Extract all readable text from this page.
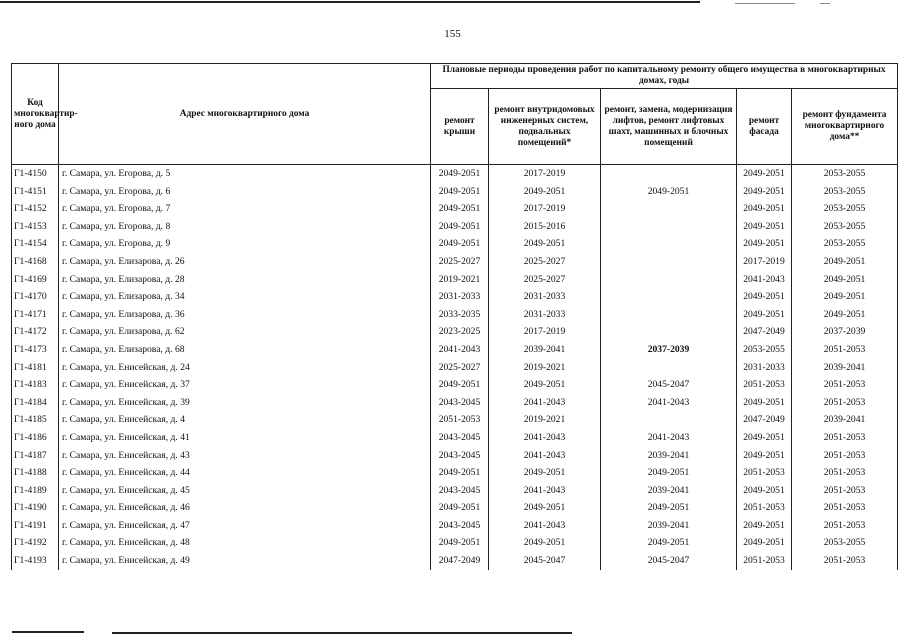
155
Код многоквартир-ного дома	Адрес многоквартирного дома	Плановые периоды проведения работ по капитальному ремонту общего имущества в многоквартирных домах, годы				
		ремонт крыши	ремонт внутридомовых инженерных систем, подвальных помещений*	ремонт, замена, модернизация лифтов, ремонт лифтовых шахт, машинных и блочных помещений	ремонт фасада	ремонт фундамента многоквартирного дома**
Г1-4150	г. Самара, ул. Егорова, д. 5	2049-2051	2017-2019		2049-2051	2053-2055
Г1-4151	г. Самара, ул. Егорова, д. 6	2049-2051	2049-2051	2049-2051	2049-2051	2053-2055
Г1-4152	г. Самара, ул. Егорова, д. 7	2049-2051	2017-2019		2049-2051	2053-2055
Г1-4153	г. Самара, ул. Егорова, д. 8	2049-2051	2015-2016		2049-2051	2053-2055
Г1-4154	г. Самара, ул. Егорова, д. 9	2049-2051	2049-2051		2049-2051	2053-2055
Г1-4168	г. Самара, ул. Елизарова, д. 26	2025-2027	2025-2027		2017-2019	2049-2051
Г1-4169	г. Самара, ул. Елизарова, д. 28	2019-2021	2025-2027		2041-2043	2049-2051
Г1-4170	г. Самара, ул. Елизарова, д. 34	2031-2033	2031-2033		2049-2051	2049-2051
Г1-4171	г. Самара, ул. Елизарова, д. 36	2033-2035	2031-2033		2049-2051	2049-2051
Г1-4172	г. Самара, ул. Елизарова, д. 62	2023-2025	2017-2019		2047-2049	2037-2039
Г1-4173	г. Самара, ул. Елизарова, д. 68	2041-2043	2039-2041	2037-2039	2053-2055	2051-2053
Г1-4181	г. Самара, ул. Енисейская, д. 24	2025-2027	2019-2021		2031-2033	2039-2041
Г1-4183	г. Самара, ул. Енисейская, д. 37	2049-2051	2049-2051	2045-2047	2051-2053	2051-2053
Г1-4184	г. Самара, ул. Енисейская, д. 39	2043-2045	2041-2043	2041-2043	2049-2051	2051-2053
Г1-4185	г. Самара, ул. Енисейская, д. 4	2051-2053	2019-2021		2047-2049	2039-2041
Г1-4186	г. Самара, ул. Енисейская, д. 41	2043-2045	2041-2043	2041-2043	2049-2051	2051-2053
Г1-4187	г. Самара, ул. Енисейская, д. 43	2043-2045	2041-2043	2039-2041	2049-2051	2051-2053
Г1-4188	г. Самара, ул. Енисейская, д. 44	2049-2051	2049-2051	2049-2051	2051-2053	2051-2053
Г1-4189	г. Самара, ул. Енисейская, д. 45	2043-2045	2041-2043	2039-2041	2049-2051	2051-2053
Г1-4190	г. Самара, ул. Енисейская, д. 46	2049-2051	2049-2051	2049-2051	2051-2053	2051-2053
Г1-4191	г. Самара, ул. Енисейская, д. 47	2043-2045	2041-2043	2039-2041	2049-2051	2051-2053
Г1-4192	г. Самара, ул. Енисейская, д. 48	2049-2051	2049-2051	2049-2051	2049-2051	2053-2055
Г1-4193	г. Самара, ул. Енисейская, д. 49	2047-2049	2045-2047	2045-2047	2051-2053	2051-2053
